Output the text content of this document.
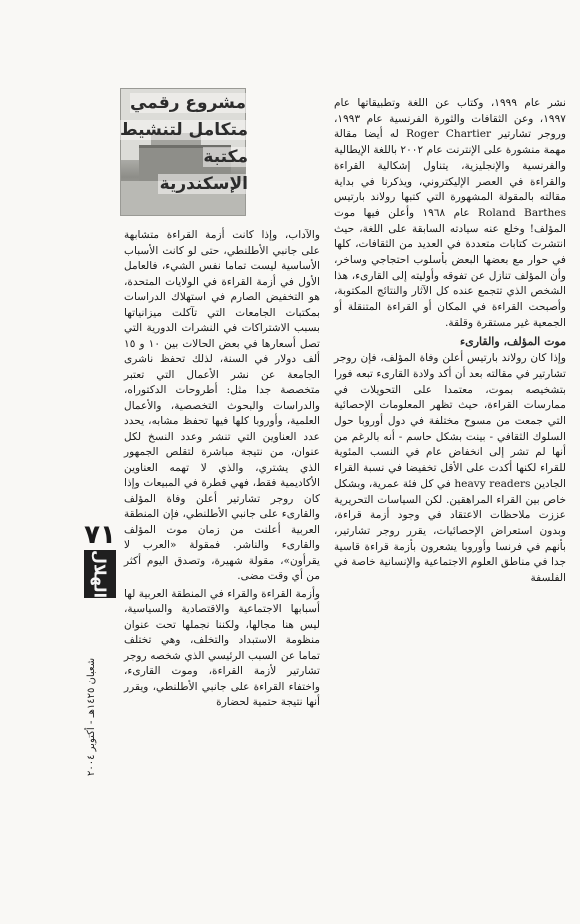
نشر عام ١٩٩٩، وكتاب عن اللغة وتطبيقاتها عام ١٩٩٧، وعن الثقافات والثورة الفرنسية عام ١٩٩٣، وروجر تشارتير Roger Chartier له أيضا مقالة مهمة منشورة على الإنترنت عام ٢٠٠٢ باللغة الإيطالية والفرنسية والإنجليزية، يتناول إشكالية القراءة والقراءة في العصر الإليكتروني، ويذكرنا في بداية مقالته بالمقولة المشهورة التي كتبها رولاند بارتيس Roland Barthes عام ١٩٦٨ وأعلن فيها موت المؤلف! وخلع عنه سيادته السابقة على اللغة، حيث انتشرت كتابات متعددة في العديد من الثقافات، كلها في حوار مع بعضها البعض بأسلوب احتجاجي وساخر، وأن المؤلف تنازل عن تفوقه وأوليته إلى القارىء، هذا الشخص الذي تتجمع عنده كل الآثار والنتائج المكتوبة، وأصبحت القراءة في المكان أو القراءة المتنقلة أو الجمعية غير مستقرة وقلقة.

موت المؤلف، والقارىء

وإذا كان رولاند بارتيس أعلن وفاة المؤلف، فإن روجر تشارتير في مقالته بعد أن أكد ولادة القارىء تبعه فورا بتشخيصه بموت، معتمدا على التحويلات في ممارسات القراءة، حيث تظهر المعلومات الإحصائية التي جمعت من مسوح مختلفة في دول أوروبا حول السلوك الثقافي - بينت بشكل حاسم - أنه بالرغم من أنها لم تشر إلى انخفاض عام في النسب المئوية للقراء لكنها أكدت على الأقل تخفيضا في نسبة القراء الجادين heavy readers في كل فئة عمرية، وبشكل خاص بين القراء المراهقين. لكن السياسات التحريرية عززت ملاحظات الاعتقاد في وجود أزمة قراءة، وبدون استعراض الإحصائيات، يقرر روجر تشارتير، بأنهم في فرنسا وأوروبا يشعرون بأزمة قراءة قاسية جدا في مناطق العلوم الاجتماعية والإنسانية خاصة في الفلسفة

مشروع رقمي متكامل لتنشيط مكتبة الإسكندرية

والآداب، وإذا كانت أزمة القراءة متشابهة على جانبي الأطلنطي، حتى لو كانت الأسباب الأساسية ليست تماما نفس الشيء، فالعامل الأول في أزمة القراءة في الولايات المتحدة، هو التخفيض الصارم في استهلاك الدراسات بمكتبات الجامعات التي تآكلت ميزانياتها بسبب الاشتراكات في النشرات الدورية التي تصل أسعارها في بعض الحالات بين ١٠ و ١٥ ألف دولار في السنة، لذلك تحفظ ناشرى الجامعة عن نشر الأعمال التي تعتبر متخصصة جدا مثل: أطروحات الدكتوراه، والدراسات والبحوث التخصصية، والأعمال العلمية، وأوروبا كلها فيها تحفظ مشابه، يحدد عدد العناوين التي تنشر وعدد النسخ لكل عنوان، من نتيجة مباشرة لتقلص الجمهور الذي يشتري، والذي لا تهمه العناوين الأكاديمية فقط، فهي قطرة في المبيعات وإذا كان روجر تشارتير أعلن وفاة المؤلف والقارىء على جانبي الأطلنطي، فإن المنطقة العربية أعلنت من زمان موت المؤلف والقارىء والناشر. فمقولة «العرب لا يقرأون»، مقولة شهيرة، وتصدق اليوم أكثر من أي وقت مضى.

وأزمة القراءة والقراء في المنطقة العربية لها أسبابها الاجتماعية والاقتصادية والسياسية، ليس هنا مجالها، ولكننا نجملها تحت عنوان منظومة الاستبداد والتخلف، وهي تختلف تماما عن السبب الرئيسي الذي شخصه روجر تشارتير لأزمة القراءة، وموت القارىء، واختفاء القراءة على جانبي الأطلنطي، ويقرر أنها نتيجة حتمية لحضارة

٧١
الهلال
شعبان ١٤٢٥هـ - أكتوبر ٢٠٠٤
